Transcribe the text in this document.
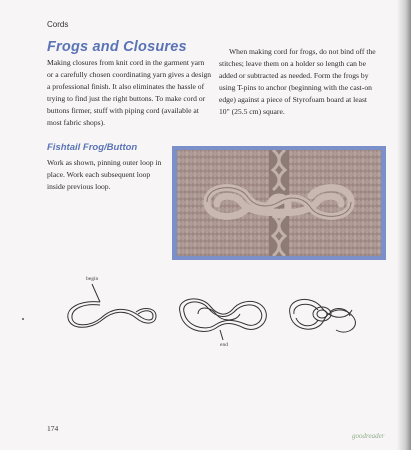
Cords
Frogs and Closures
Making closures from knit cord in the garment yarn or a carefully chosen coordinating yarn gives a design a professional finish. It also eliminates the hassle of trying to find just the right buttons. To make cord or buttons firmer, stuff with piping cord (available at most fabric shops).
When making cord for frogs, do not bind off the stitches; leave them on a holder so length can be added or subtracted as needed. Form the frogs by using T-pins to anchor (beginning with the cast-on edge) against a piece of Styrofoam board at least 10" (25.5 cm) square.
Fishtail Frog/Button
Work as shown, pinning outer loop in place. Work each subsequent loop inside previous loop.
begin
end
174
goodreader
